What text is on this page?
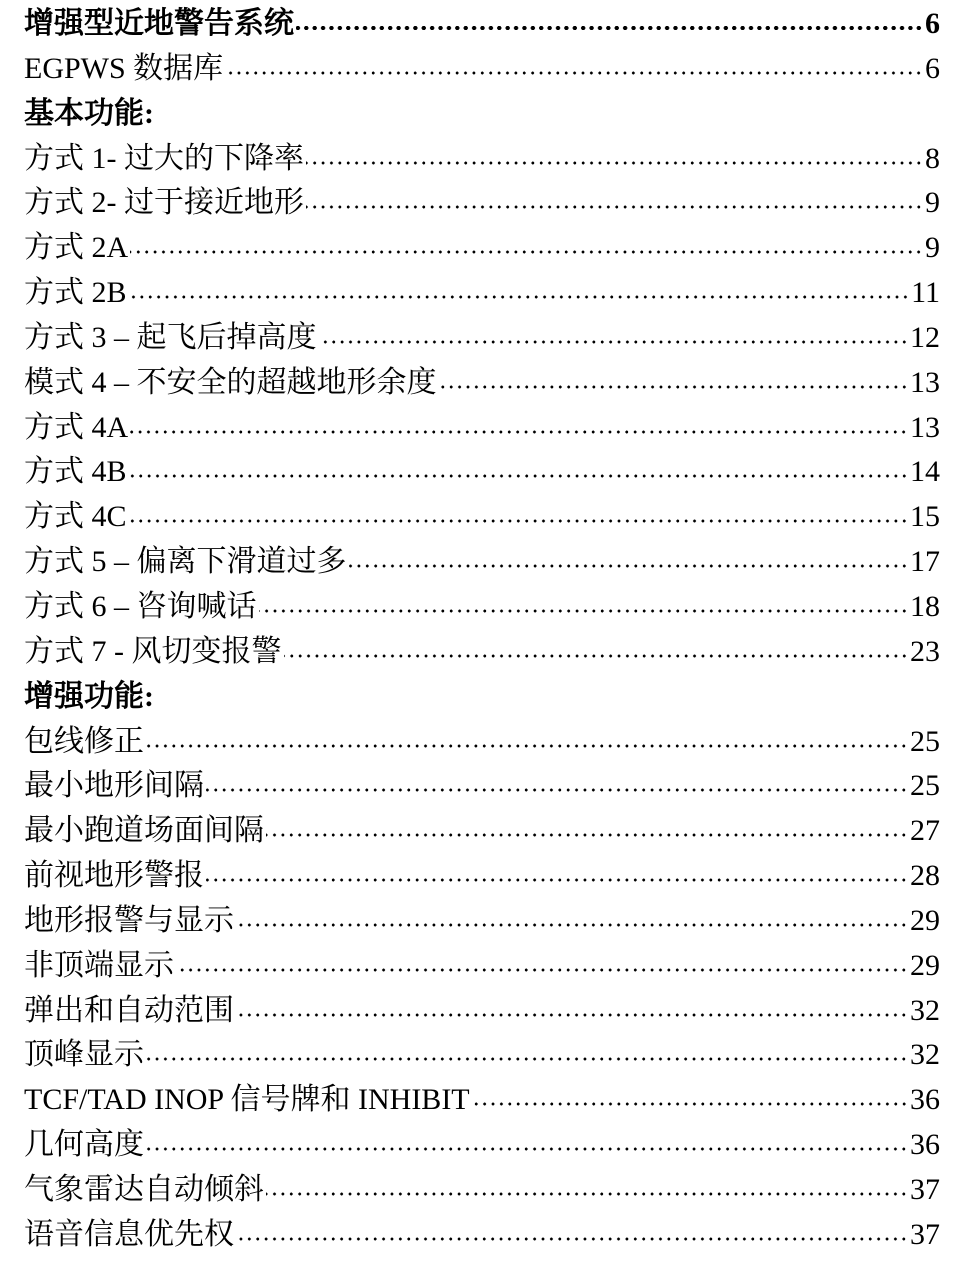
增强型近地警告系统	6
EGPWS 数据库	6
基本功能:
方式 1- 过大的下降率	8
方式 2- 过于接近地形	9
方式 2A	9
方式 2B	11
方式 3 – 起飞后掉高度	12
模式 4 – 不安全的超越地形余度	13
方式 4A	13
方式 4B	14
方式 4C	15
方式 5 – 偏离下滑道过多	17
方式 6 – 咨询喊话	18
方式 7 - 风切变报警	23
增强功能:
包线修正	25
最小地形间隔	25
最小跑道场面间隔	27
前视地形警报	28
地形报警与显示	29
非顶端显示	29
弹出和自动范围	32
顶峰显示	32
TCF/TAD INOP 信号牌和 INHIBIT	36
几何高度	36
气象雷达自动倾斜	37
语音信息优先权	37
